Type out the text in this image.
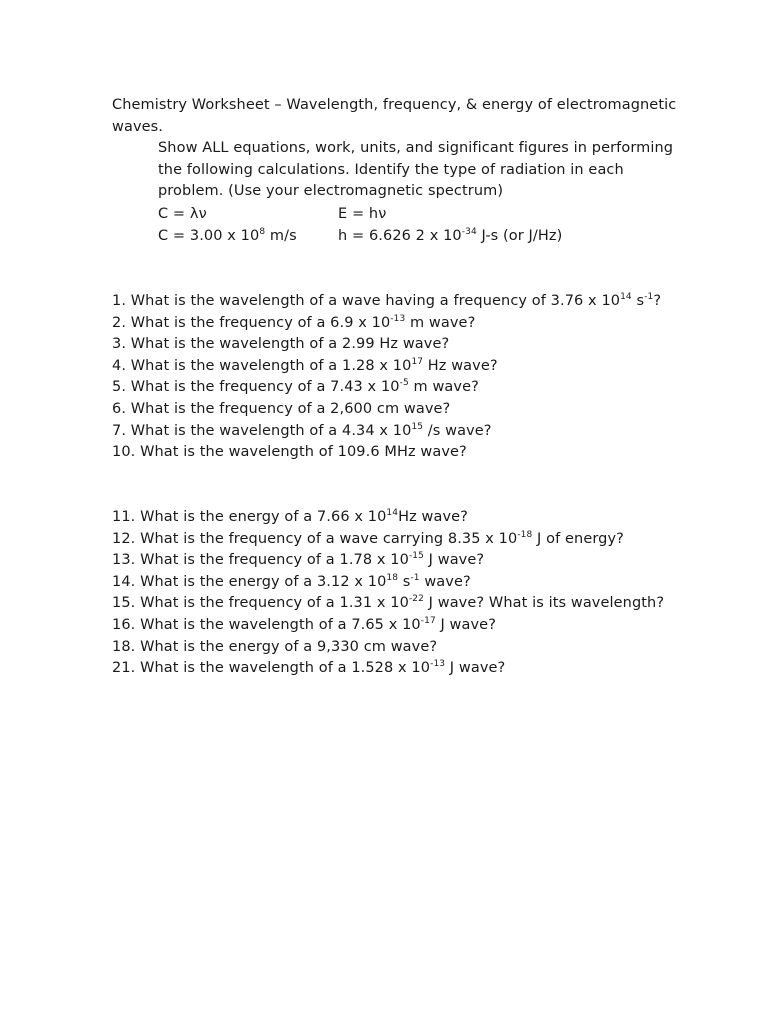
Chemistry Worksheet – Wavelength, frequency, & energy of electromagnetic
waves.
Show ALL equations, work, units, and significant figures in performing
the following calculations. Identify the type of radiation in each
problem. (Use your electromagnetic spectrum)
C = λν	E = hν
C = 3.00 x $10^8$ m/s	h = 6.626 2 x $10^{-34}$ J-s (or J/Hz)
1. What is the wavelength of a wave having a frequency of 3.76 x $10^{14}$ $s^{-1}$?
2. What is the frequency of a 6.9 x $10^{-13}$ m wave?
3. What is the wavelength of a 2.99 Hz wave?
4. What is the wavelength of a 1.28 x $10^{17}$ Hz wave?
5. What is the frequency of a 7.43 x $10^{-5}$ m wave?
6. What is the frequency of a 2,600 cm wave?
7. What is the wavelength of a 4.34 x $10^{15}$ /s wave?
10. What is the wavelength of 109.6 MHz wave?
11. What is the energy of a 7.66 x $10^{14}Hz$ wave?
12. What is the frequency of a wave carrying 8.35 x $10^{-18}$ J of energy?
13. What is the frequency of a 1.78 x $10^{-15}$ J wave?
14. What is the energy of a 3.12 x $10^{18}$ $s^{-1}$ wave?
15. What is the frequency of a 1.31 x $10^{-22}$ J wave? What is its wavelength?
16. What is the wavelength of a 7.65 x $10^{-17}$ J wave?
18. What is the energy of a 9,330 cm wave?
21. What is the wavelength of a 1.528 x $10^{-13}$ J wave?
